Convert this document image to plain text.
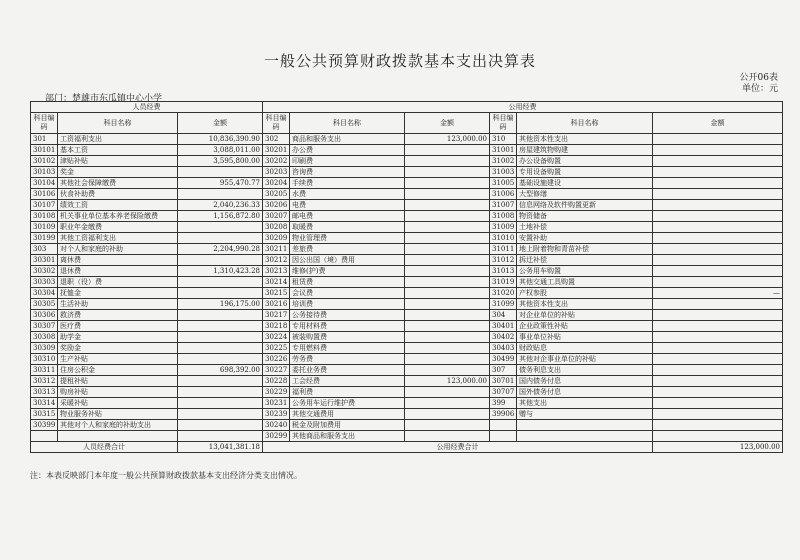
一般公共预算财政拨款基本支出决算表
公开06表
单位：元
部门：楚雄市东瓜镇中心小学
人员经费			公用经费					
科目编码	科目名称	金额	科目编码	科目名称	金额	科目编码	科目名称	金额
301	工资福利支出	10,836,390.90	302	商品和服务支出	123,000.00	310	其他资本性支出	
30101	基本工资	3,088,011.00	30201	办公费		31001	房屋建筑物购建	
30102	津贴补贴	3,595,800.00	30202	印刷费		31002	办公设备购置	
30103	奖金		30203	咨询费		31003	专用设备购置	
30104	其他社会保障缴费	955,470.77	30204	手续费		31005	基础设施建设	
30106	伙食补助费		30205	水费		31006	大型修缮	
30107	绩效工资	2,040,236.33	30206	电费		31007	信息网络及软件购置更新	
30108	机关事业单位基本养老保险缴费	1,156,872.80	30207	邮电费		31008	物资储备	
30109	职业年金缴费		30208	取暖费		31009	土地补偿	
30199	其他工资福利支出		30209	物业管理费		31010	安置补助	
303	对个人和家庭的补助	2,204,990.28	30211	差旅费		31011	地上附着物和青苗补偿	
30301	离休费		30212	因公出国（境）费用		31012	拆迁补偿	
30302	退休费	1,310,423.28	30213	维修(护)费		31013	公务用车购置	
30303	退职（役）费		30214	租赁费		31019	其他交通工具购置	
30304	抚恤金		30215	会议费		31020	产权参股	—
30305	生活补助	196,175.00	30216	培训费		31099	其他资本性支出	
30306	救济费		30217	公务接待费		304	对企业单位的补贴	
30307	医疗费		30218	专用材料费		30401	企业政策性补贴	
30308	助学金		30224	被装购置费		30402	事业单位补贴	
30309	奖励金		30225	专用燃料费		30403	财政贴息	
30310	生产补贴		30226	劳务费		30499	其他对企事业单位的补贴	
30311	住房公积金	698,392.00	30227	委托业务费		307	债务利息支出	
30312	提租补贴		30228	工会经费	123,000.00	30701	国内债务付息	
30313	购房补贴		30229	福利费		30707	国外债务付息	
30314	采暖补贴		30231	公务用车运行维护费		399	其他支出	
30315	物业服务补贴		30239	其他交通费用		39906	赠与	
30399	其他对个人和家庭的补助支出		30240	税金及附加费用				
			30299	其他商品和服务支出				
人员经费合计		13,041,381.18	公用经费合计					123,000.00
注：本表反映部门本年度一般公共预算财政拨款基本支出经济分类支出情况。
